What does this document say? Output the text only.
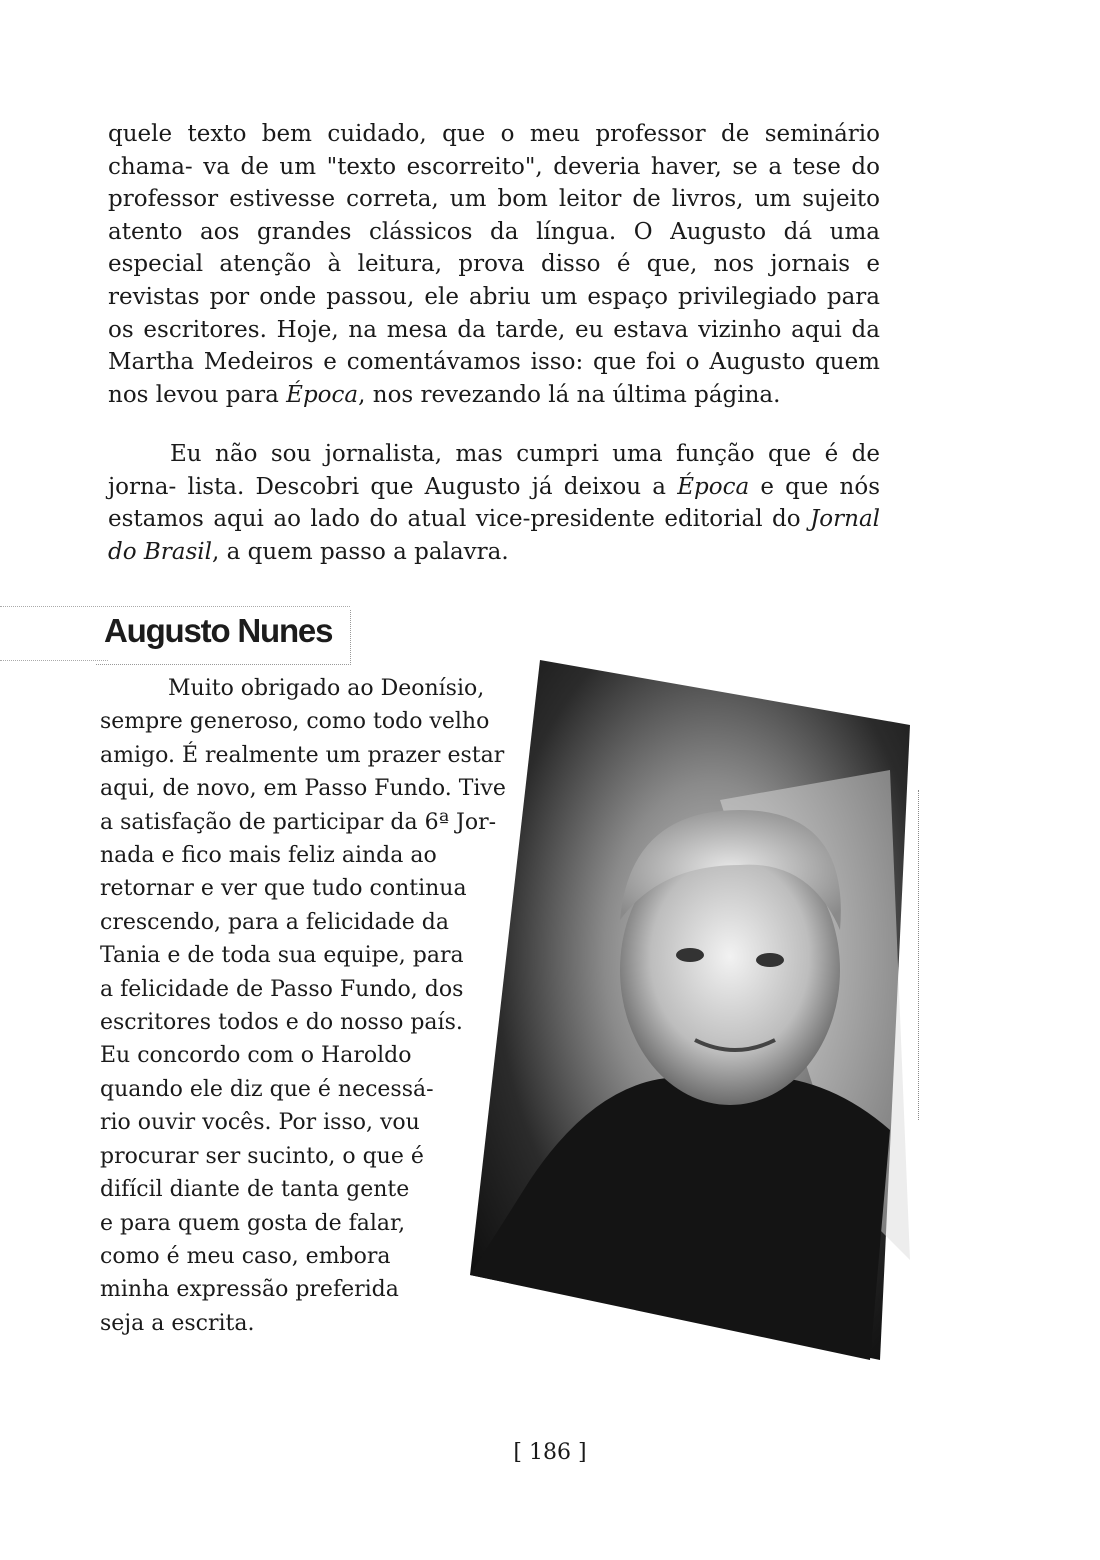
quele texto bem cuidado, que o meu professor de seminário chama- va de um "texto escorreito", deveria haver, se a tese do professor estivesse correta, um bom leitor de livros, um sujeito atento aos grandes clássicos da língua. O Augusto dá uma especial atenção à leitura, prova disso é que, nos jornais e revistas por onde passou, ele abriu um espaço privilegiado para os escritores. Hoje, na mesa da tarde, eu estava vizinho aqui da Martha Medeiros e comentávamos isso: que foi o Augusto quem nos levou para Época, nos revezando lá na última página.

Eu não sou jornalista, mas cumpri uma função que é de jorna- lista. Descobri que Augusto já deixou a Época e que nós estamos aqui ao lado do atual vice-presidente editorial do Jornal do Brasil, a quem passo a palavra.

Augusto Nunes

Muito obrigado ao Deonísio,
sempre generoso, como todo velho
amigo. É realmente um prazer estar
aqui, de novo, em Passo Fundo. Tive
a satisfação de participar da 6ª Jor-
nada e fico mais feliz ainda ao
retornar e ver que tudo continua
crescendo, para a felicidade da
Tania e de toda sua equipe, para
a felicidade de Passo Fundo, dos
escritores todos e do nosso país.
Eu concordo com o Haroldo
quando ele diz que é necessá-
rio ouvir vocês. Por isso, vou
procurar ser sucinto, o que é
difícil diante de tanta gente
e para quem gosta de falar,
como é meu caso, embora
minha expressão preferida
seja a escrita.

[ 186 ]
